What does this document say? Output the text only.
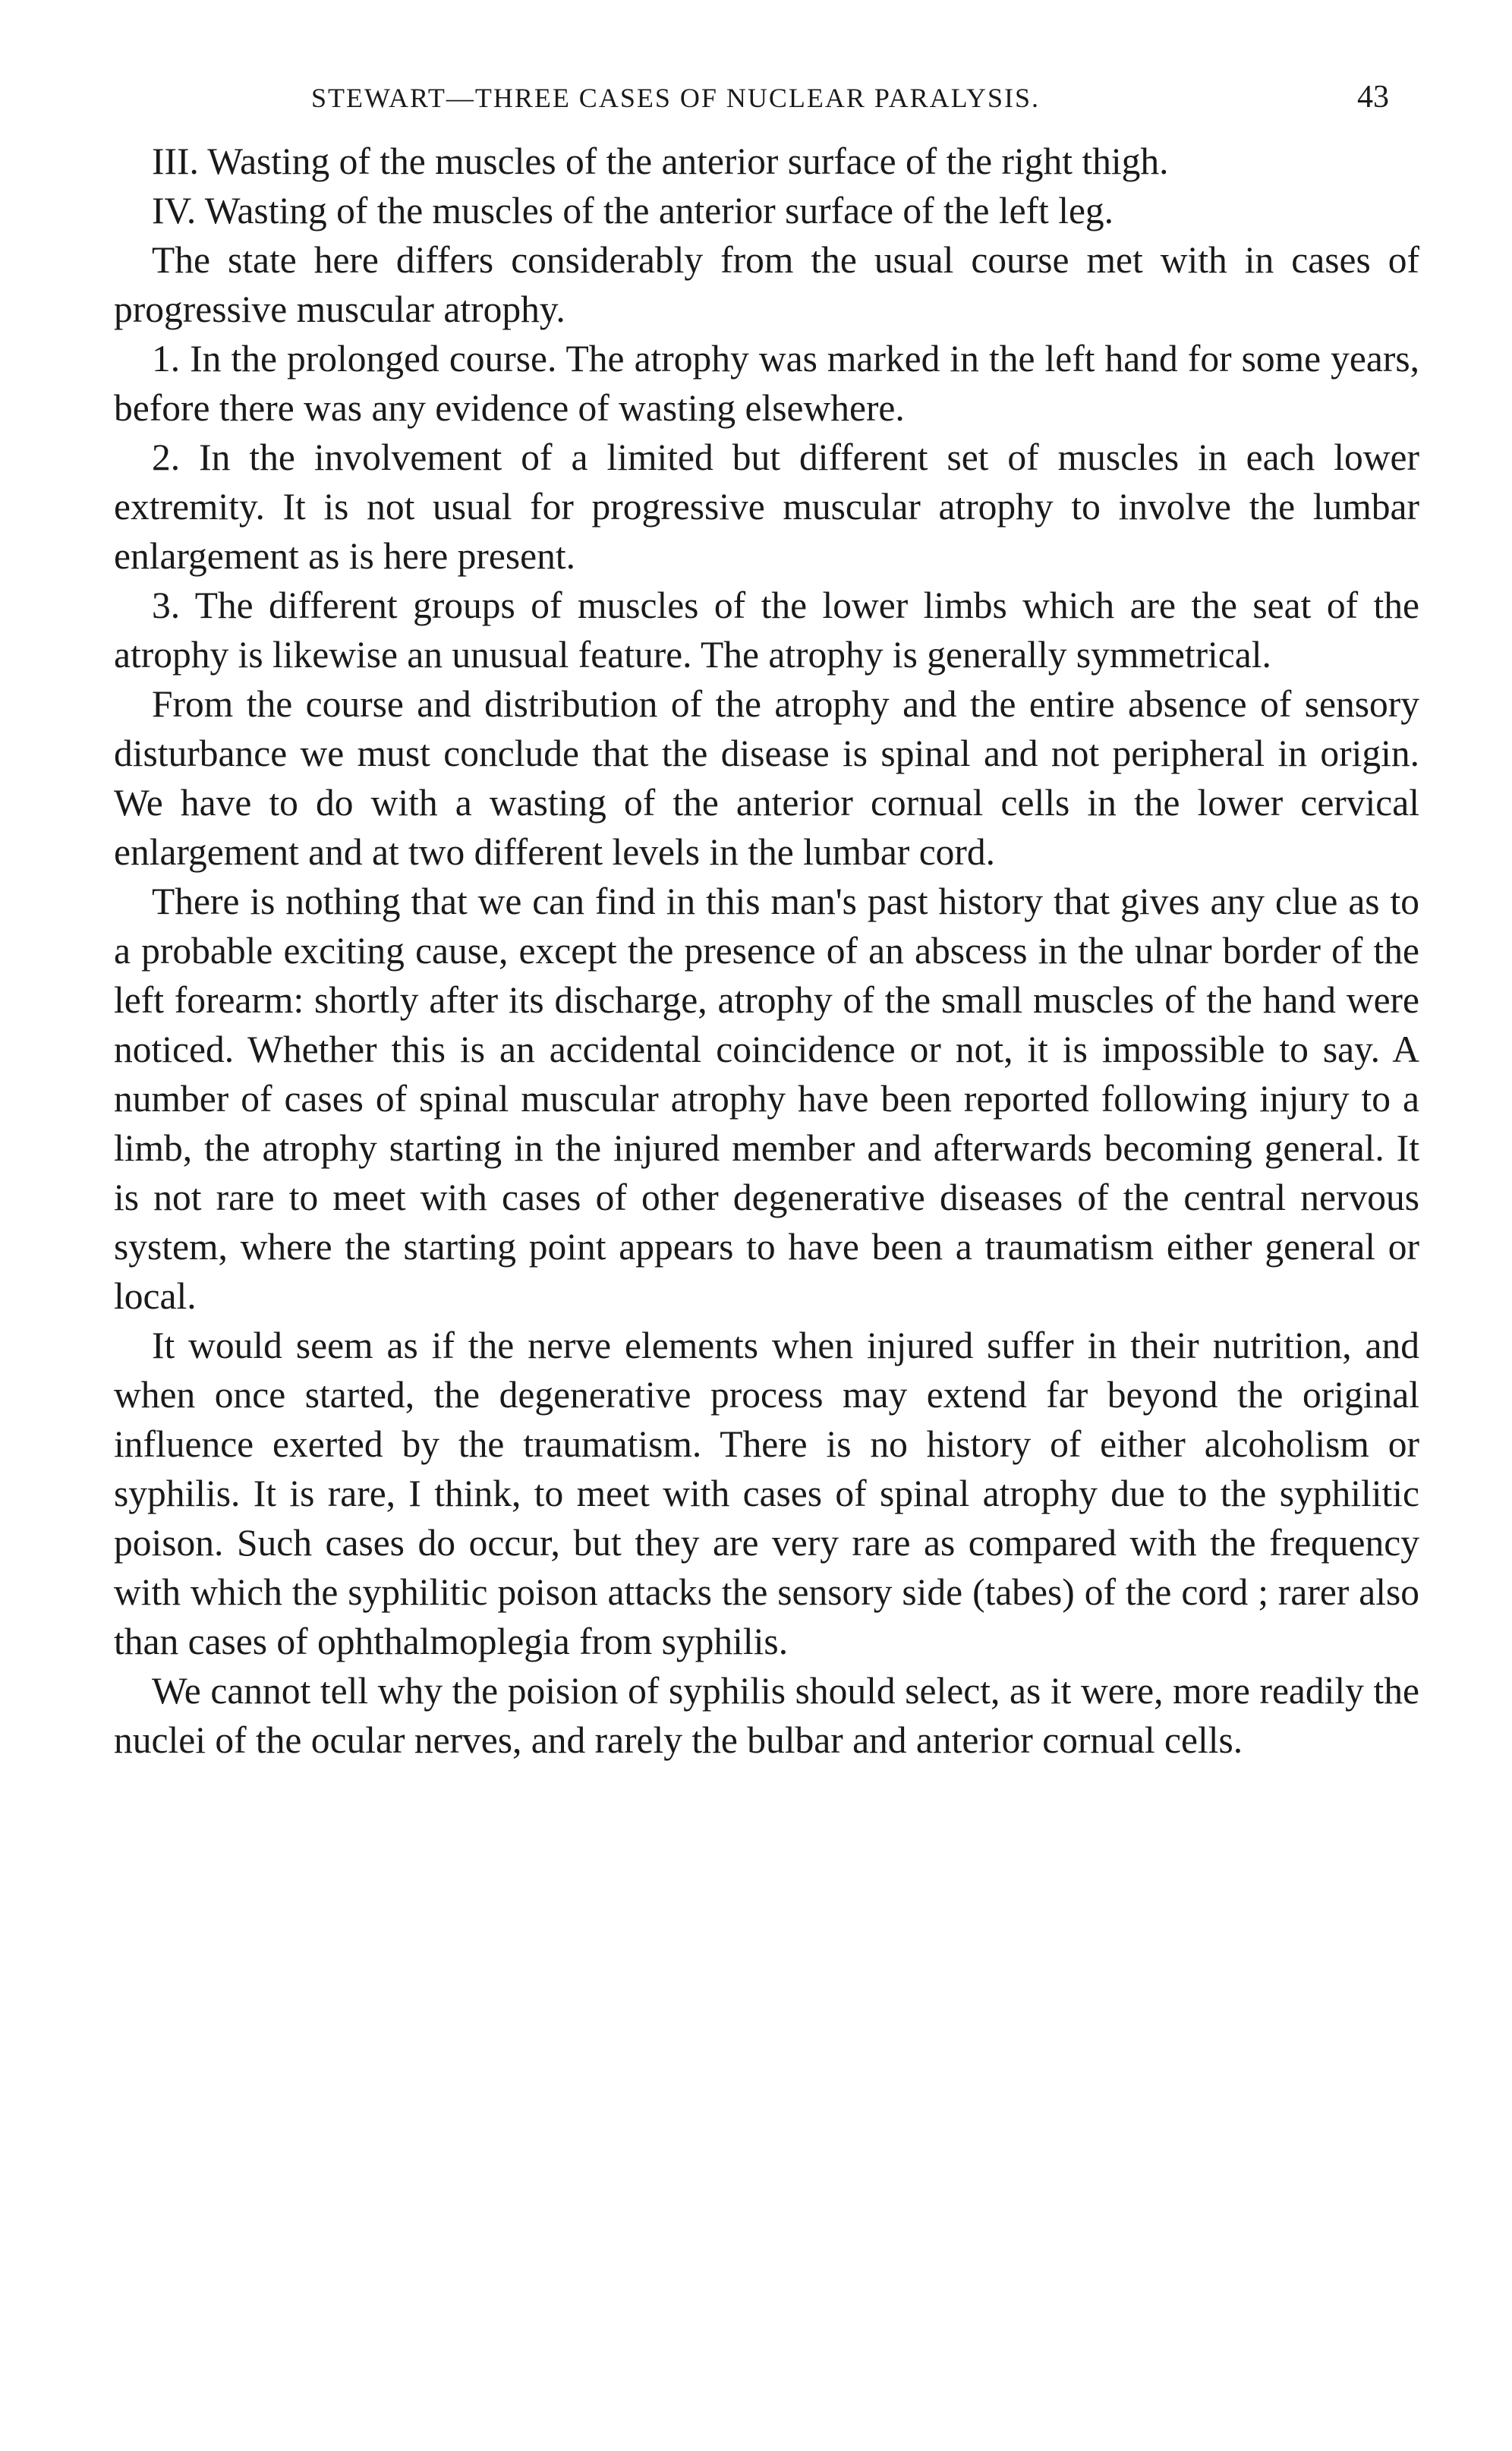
STEWART—THREE CASES OF NUCLEAR PARALYSIS.	43

III. Wasting of the muscles of the anterior surface of the right thigh.

IV. Wasting of the muscles of the anterior surface of the left leg.

The state here differs considerably from the usual course met with in cases of progressive muscular atrophy.

1. In the prolonged course. The atrophy was marked in the left hand for some years, before there was any evidence of wasting elsewhere.

2. In the involvement of a limited but different set of muscles in each lower extremity. It is not usual for progressive muscular atrophy to involve the lumbar enlargement as is here present.

3. The different groups of muscles of the lower limbs which are the seat of the atrophy is likewise an unusual feature. The atrophy is generally symmetrical.

From the course and distribution of the atrophy and the entire absence of sensory disturbance we must conclude that the disease is spinal and not peripheral in origin. We have to do with a wasting of the anterior cornual cells in the lower cervical enlargement and at two different levels in the lumbar cord.

There is nothing that we can find in this man's past history that gives any clue as to a probable exciting cause, except the presence of an abscess in the ulnar border of the left forearm: shortly after its discharge, atrophy of the small muscles of the hand were noticed. Whether this is an accidental coincidence or not, it is impossible to say. A number of cases of spinal muscular atrophy have been reported following injury to a limb, the atrophy starting in the injured member and afterwards becoming general. It is not rare to meet with cases of other degenerative diseases of the central nervous system, where the starting point appears to have been a traumatism either general or local.

It would seem as if the nerve elements when injured suffer in their nutrition, and when once started, the degenerative process may extend far beyond the original influence exerted by the traumatism. There is no history of either alcoholism or syphilis. It is rare, I think, to meet with cases of spinal atrophy due to the syphilitic poison. Such cases do occur, but they are very rare as compared with the frequency with which the syphilitic poison attacks the sensory side (tabes) of the cord ; rarer also than cases of ophthalmoplegia from syphilis.

We cannot tell why the poision of syphilis should select, as it were, more readily the nuclei of the ocular nerves, and rarely the bulbar and anterior cornual cells.
